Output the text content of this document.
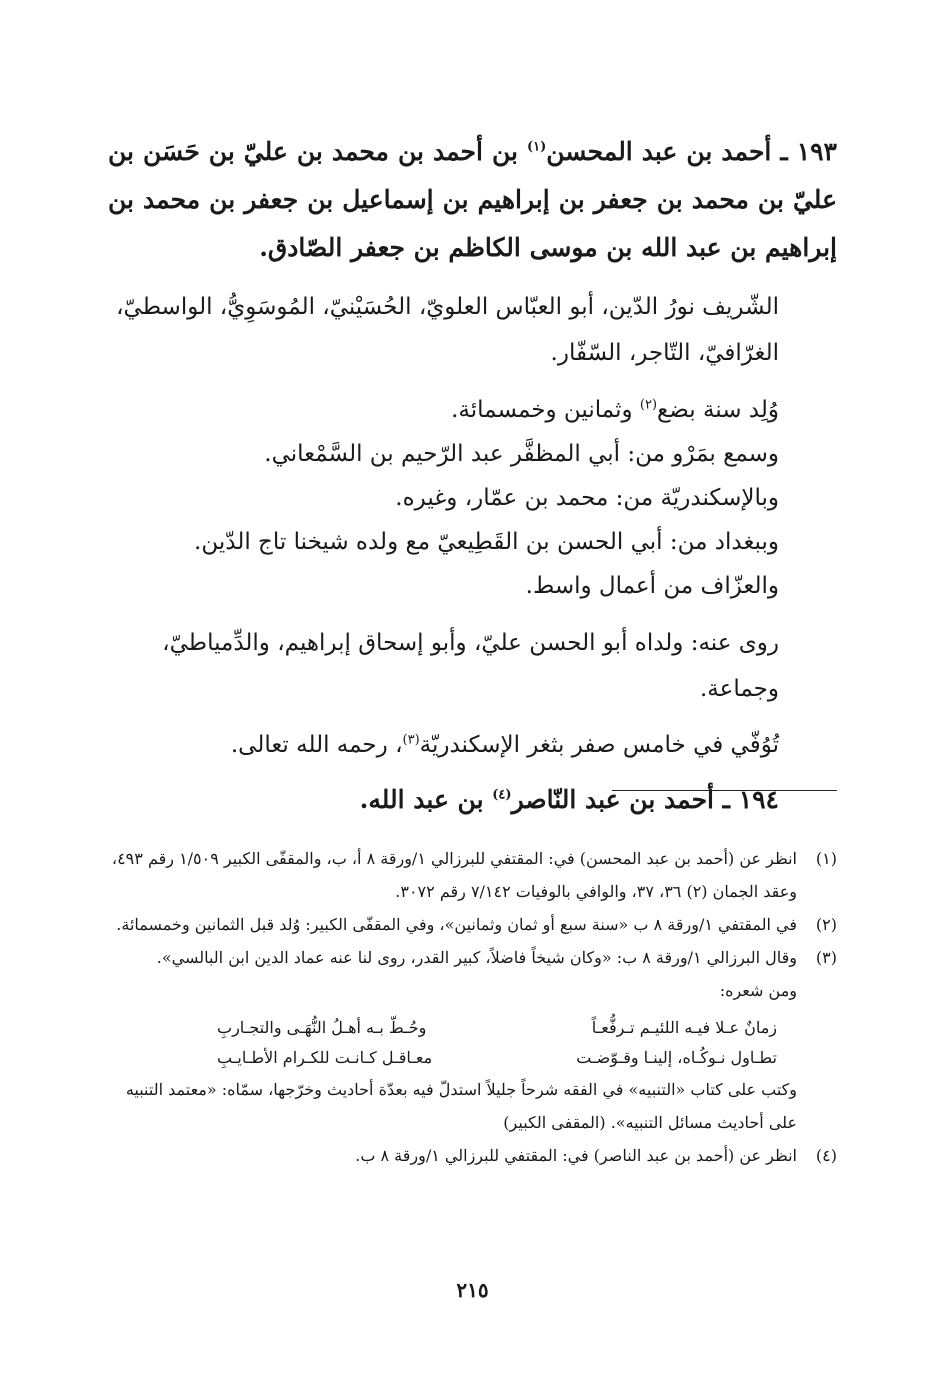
١٩٣ ـ أحمد بن عبد المحسن$^{(١)}$ بن أحمد بن محمد بن عليّ بن حَسَن بن عليّ بن محمد بن جعفر بن إبراهيم بن إسماعيل بن جعفر بن محمد بن إبراهيم بن عبد الله بن موسى الكاظم بن جعفر الصّادق.

الشّريف نورُ الدّين، أبو العبّاس العلويّ، الحُسَيْنيّ، المُوسَوِيُّ، الواسطيّ، الغرّافيّ، التّاجر، السّفّار.

وُلِد سنة بضع$^{(٢)}$ وثمانين وخمسمائة.
وسمع بمَرْو من: أبي المظفَّر عبد الرّحيم بن السَّمْعاني.
وبالإسكندريّة من: محمد بن عمّار، وغيره.
وببغداد من: أبي الحسن بن القَطِيعيّ مع ولده شيخنا تاج الدّين.
والعزّاف من أعمال واسط.

روى عنه: ولداه أبو الحسن عليّ، وأبو إسحاق إبراهيم، والدِّمياطيّ، وجماعة.

تُوُفّي في خامس صفر بثغر الإسكندريّة$^{(٣)}$، رحمه الله تعالى.

١٩٤ ـ أحمد بن عبد النّاصر$^{(٤)}$ بن عبد الله.

(١)
انظر عن (أحمد بن عبد المحسن) في: المقتفي للبرزالي ١/ورقة ٨ أ، ب، والمقفّى الكبير ١/٥٠٩ رقم ٤٩٣، وعقد الجمان (٢) ٣٦، ٣٧، والوافي بالوفيات ٧/١٤٢ رقم ٣٠٧٢.
(٢)
في المقتفي ١/ورقة ٨ ب «سنة سبع أو ثمان وثمانين»، وفي المقفّى الكبير: وُلد قبل الثمانين وخمسمائة.
(٣)
وقال البرزالي ١/ورقة ٨ ب: «وكان شيخاً فاضلاً، كبير القدر، روى لنا عنه عماد الدين ابن البالسي».
ومن شعره:
زمانٌ عـلا فيـه اللئيـم تـرفُّعـاً
وحُـطّ بـه أهـلُ النُّهَـى والتجـاربِ
تطـاول نـوكُـاه، إلينـا وقـوّضـت
معـاقـل كـانـت للكـرام الأطـايـبِ
وكتب على كتاب «التنبيه» في الفقه شرحاً جليلاً استدلّ فيه بعدّة أحاديث وخرّجها، سمّاه: «معتمد التنبيه على أحاديث مسائل التنبيه». (المقفى الكبير)
(٤)
انظر عن (أحمد بن عبد الناصر) في: المقتفي للبرزالي ١/ورقة ٨ ب.
٢١٥
